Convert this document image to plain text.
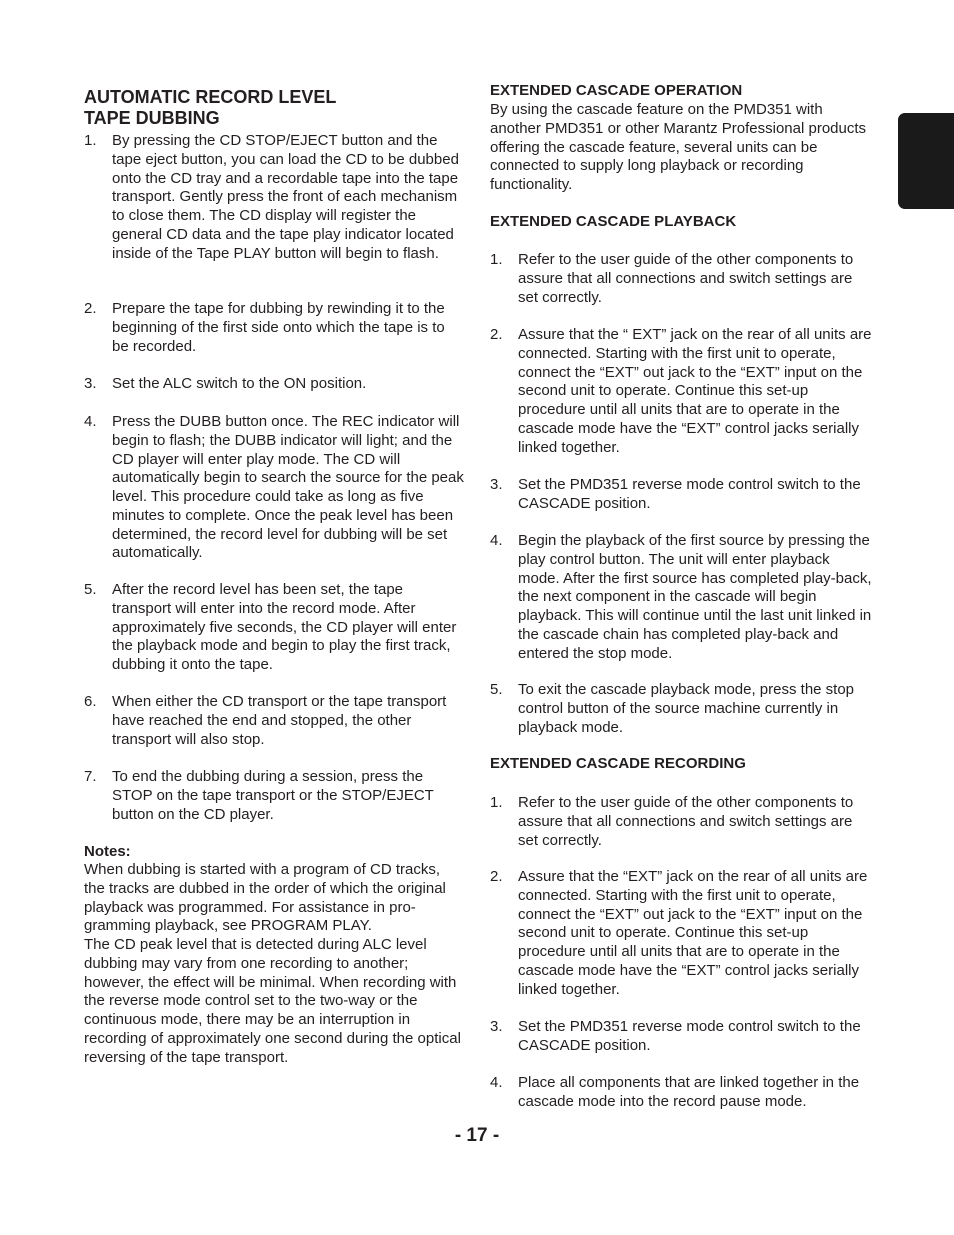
AUTOMATIC RECORD LEVEL
TAPE DUBBING
1. By pressing the CD STOP/EJECT button and the tape eject button, you can load the CD to be dubbed onto the CD tray and a recordable tape into the tape transport. Gently press the front of each mechanism to close them. The CD display will register the general CD data and the tape play indicator located inside of the Tape PLAY button will begin to flash.

2. Prepare the tape for dubbing by rewinding it to the beginning of the first side onto which the tape is to be recorded.

3. Set the ALC switch to the ON position.

4. Press the DUBB button once. The REC indicator will begin to flash; the DUBB indicator will light; and the CD player will enter play mode. The CD will automatically begin to search the source for the peak level. This procedure could take as long as five minutes to complete. Once the peak level has been determined, the record level for dubbing will be set automatically.

5. After the record level has been set, the tape transport will enter into the record mode. After approximately five seconds, the CD player will enter the playback mode and begin to play the first track, dubbing it onto the tape.

6. When either the CD transport or the tape transport have reached the end and stopped, the other transport will also stop.

7. To end the dubbing during a session, press the STOP on the tape transport or the STOP/EJECT button on the CD player.

Notes:

When dubbing is started with a program of CD tracks, the tracks are dubbed in the order of which the original playback was programmed. For assistance in pro-gramming playback, see PROGRAM PLAY.

The CD peak level that is detected during ALC level dubbing may vary from one recording to another; however, the effect will be minimal. When recording with the reverse mode control set to the two-way or the continuous mode, there may be an interruption in recording of approximately one second during the optical reversing of the tape transport.

EXTENDED CASCADE OPERATION

By using the cascade feature on the PMD351 with another PMD351 or other Marantz Professional products offering the cascade feature, several units can be connected to supply long playback or recording functionality.

EXTENDED CASCADE PLAYBACK
1. Refer to the user guide of the other components to assure that all connections and switch settings are set correctly.

2. Assure that the “ EXT” jack on the rear of all units are connected. Starting with the first unit to operate, connect the “EXT” out jack to the “EXT” input on the second unit to operate. Continue this set-up procedure until all units that are to operate in the cascade mode have the “EXT” control jacks serially linked together.

3. Set the PMD351 reverse mode control switch to the CASCADE position.

4. Begin the playback of the first source by pressing the play control button. The unit will enter playback mode. After the first source has completed play-back, the next component in the cascade will begin playback. This will continue until the last unit linked in the cascade chain has completed play-back and entered the stop mode.

5. To exit the cascade playback mode, press the stop control button of the source machine currently in playback mode.

EXTENDED CASCADE RECORDING
1. Refer to the user guide of the other components to assure that all connections and switch settings are set correctly.

2. Assure that the “EXT” jack on the rear of all units are connected. Starting with the first unit to operate, connect the “EXT” out jack to the “EXT” input on the second unit to operate. Continue this set-up procedure until all units that are to operate in the cascade mode have the “EXT” control jacks serially linked together.

3. Set the PMD351 reverse mode control switch to the CASCADE position.

4. Place all components that are linked together in the cascade mode into the record pause mode.

- 17 -
